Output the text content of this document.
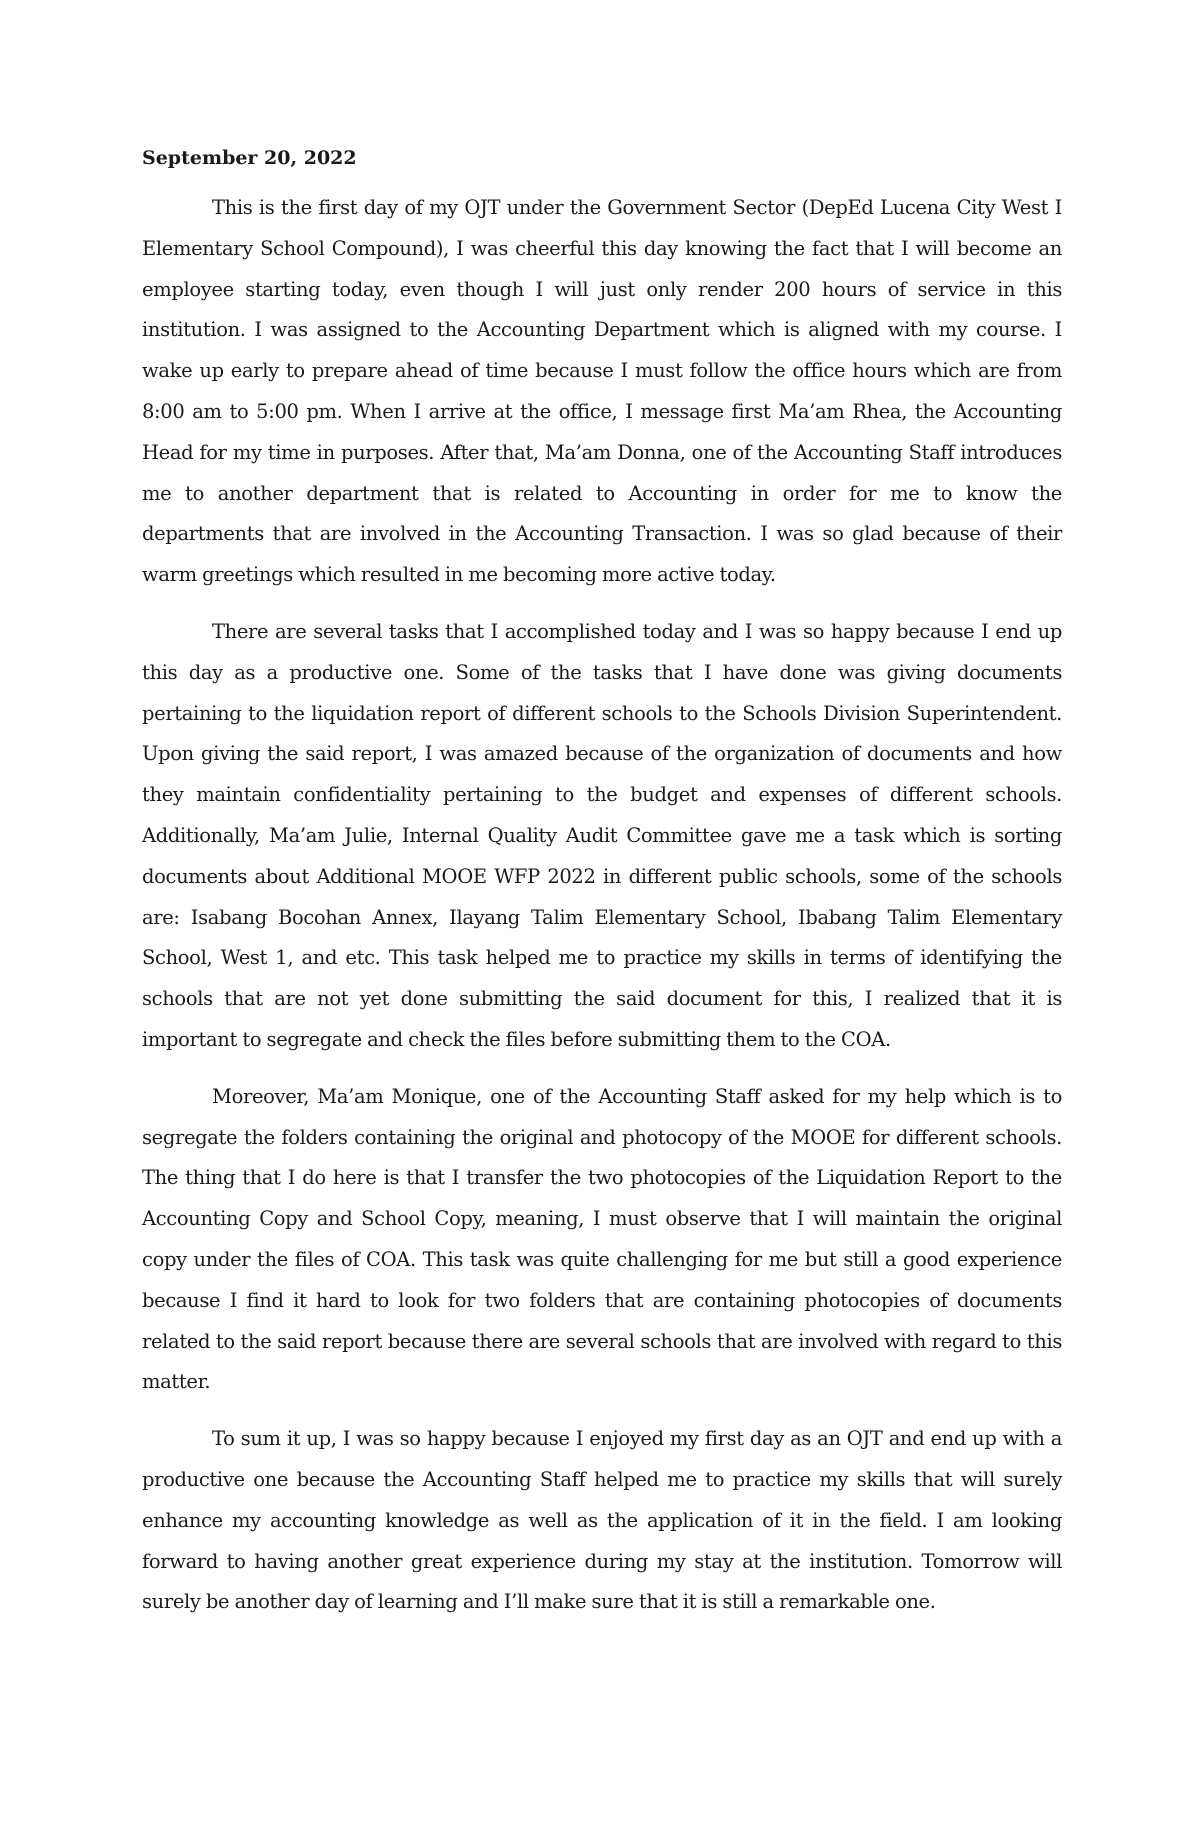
September 20, 2022

This is the first day of my OJT under the Government Sector (DepEd Lucena City West I Elementary School Compound), I was cheerful this day knowing the fact that I will become an employee starting today, even though I will just only render 200 hours of service in this institution. I was assigned to the Accounting Department which is aligned with my course. I wake up early to prepare ahead of time because I must follow the office hours which are from 8:00 am to 5:00 pm. When I arrive at the office, I message first Ma’am Rhea, the Accounting Head for my time in purposes. After that, Ma’am Donna, one of the Accounting Staff introduces me to another department that is related to Accounting in order for me to know the departments that are involved in the Accounting Transaction. I was so glad because of their warm greetings which resulted in me becoming more active today.

There are several tasks that I accomplished today and I was so happy because I end up this day as a productive one. Some of the tasks that I have done was giving documents pertaining to the liquidation report of different schools to the Schools Division Superintendent. Upon giving the said report, I was amazed because of the organization of documents and how they maintain confidentiality pertaining to the budget and expenses of different schools. Additionally, Ma’am Julie, Internal Quality Audit Committee gave me a task which is sorting documents about Additional MOOE WFP 2022 in different public schools, some of the schools are: Isabang Bocohan Annex, Ilayang Talim Elementary School, Ibabang Talim Elementary School, West 1, and etc. This task helped me to practice my skills in terms of identifying the schools that are not yet done submitting the said document for this, I realized that it is important to segregate and check the files before submitting them to the COA.

Moreover, Ma’am Monique, one of the Accounting Staff asked for my help which is to segregate the folders containing the original and photocopy of the MOOE for different schools. The thing that I do here is that I transfer the two photocopies of the Liquidation Report to the Accounting Copy and School Copy, meaning, I must observe that I will maintain the original copy under the files of COA. This task was quite challenging for me but still a good experience because I find it hard to look for two folders that are containing photocopies of documents related to the said report because there are several schools that are involved with regard to this matter.

To sum it up, I was so happy because I enjoyed my first day as an OJT and end up with a productive one because the Accounting Staff helped me to practice my skills that will surely enhance my accounting knowledge as well as the application of it in the field. I am looking forward to having another great experience during my stay at the institution. Tomorrow will surely be another day of learning and I’ll make sure that it is still a remarkable one.
